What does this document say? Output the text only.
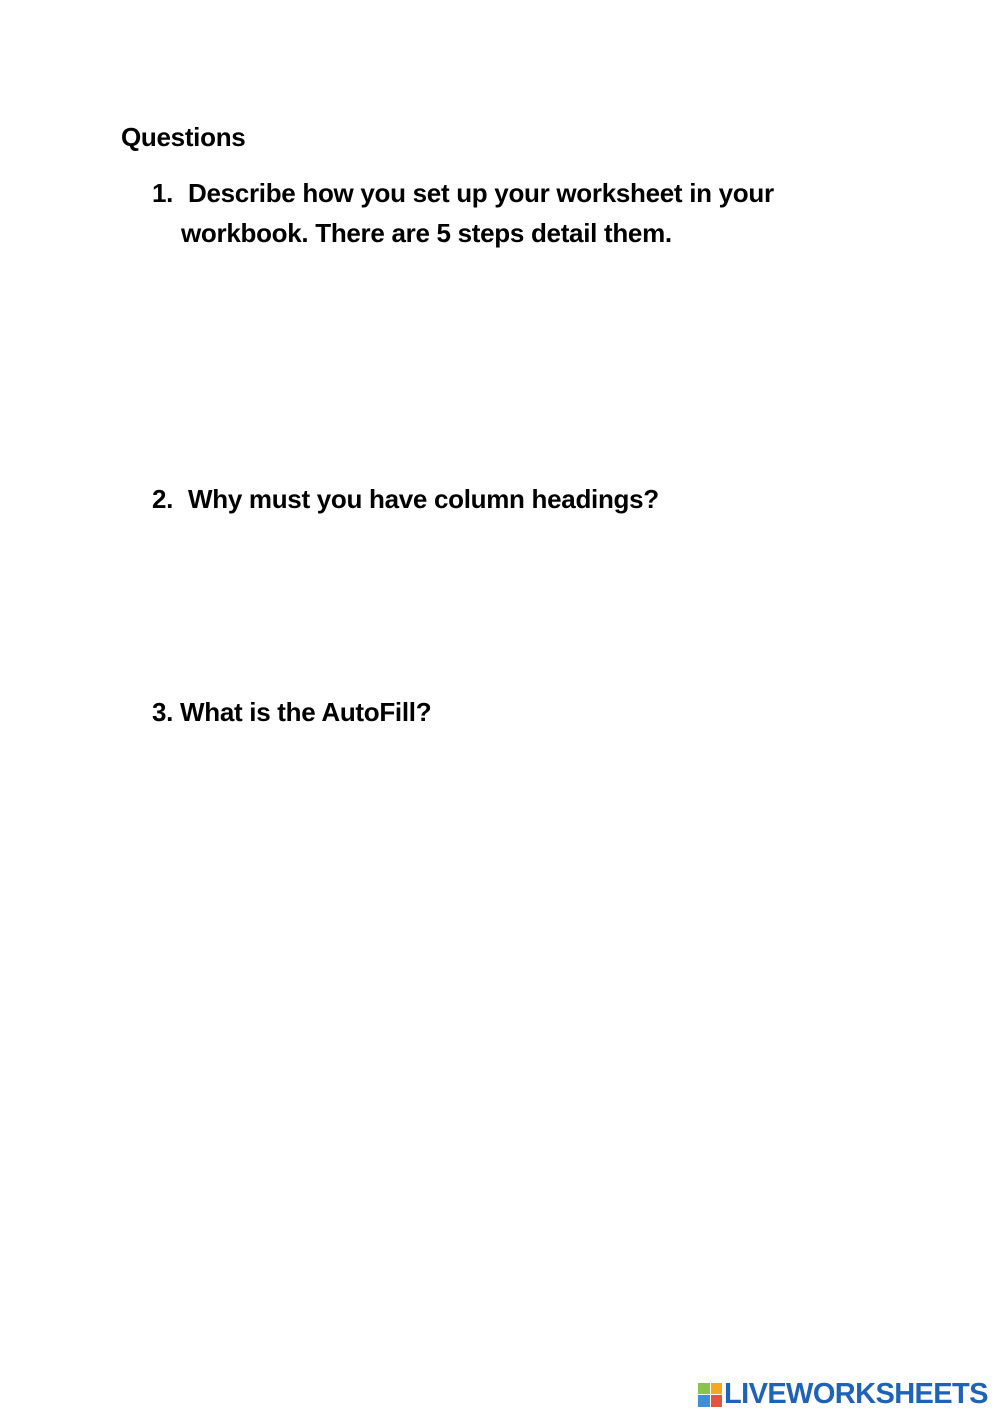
Questions
1. Describe how you set up your worksheet in your
workbook. There are 5 steps detail them.
2. Why must you have column headings?
3. What is the AutoFill?
LIVEWORKSHEETS
